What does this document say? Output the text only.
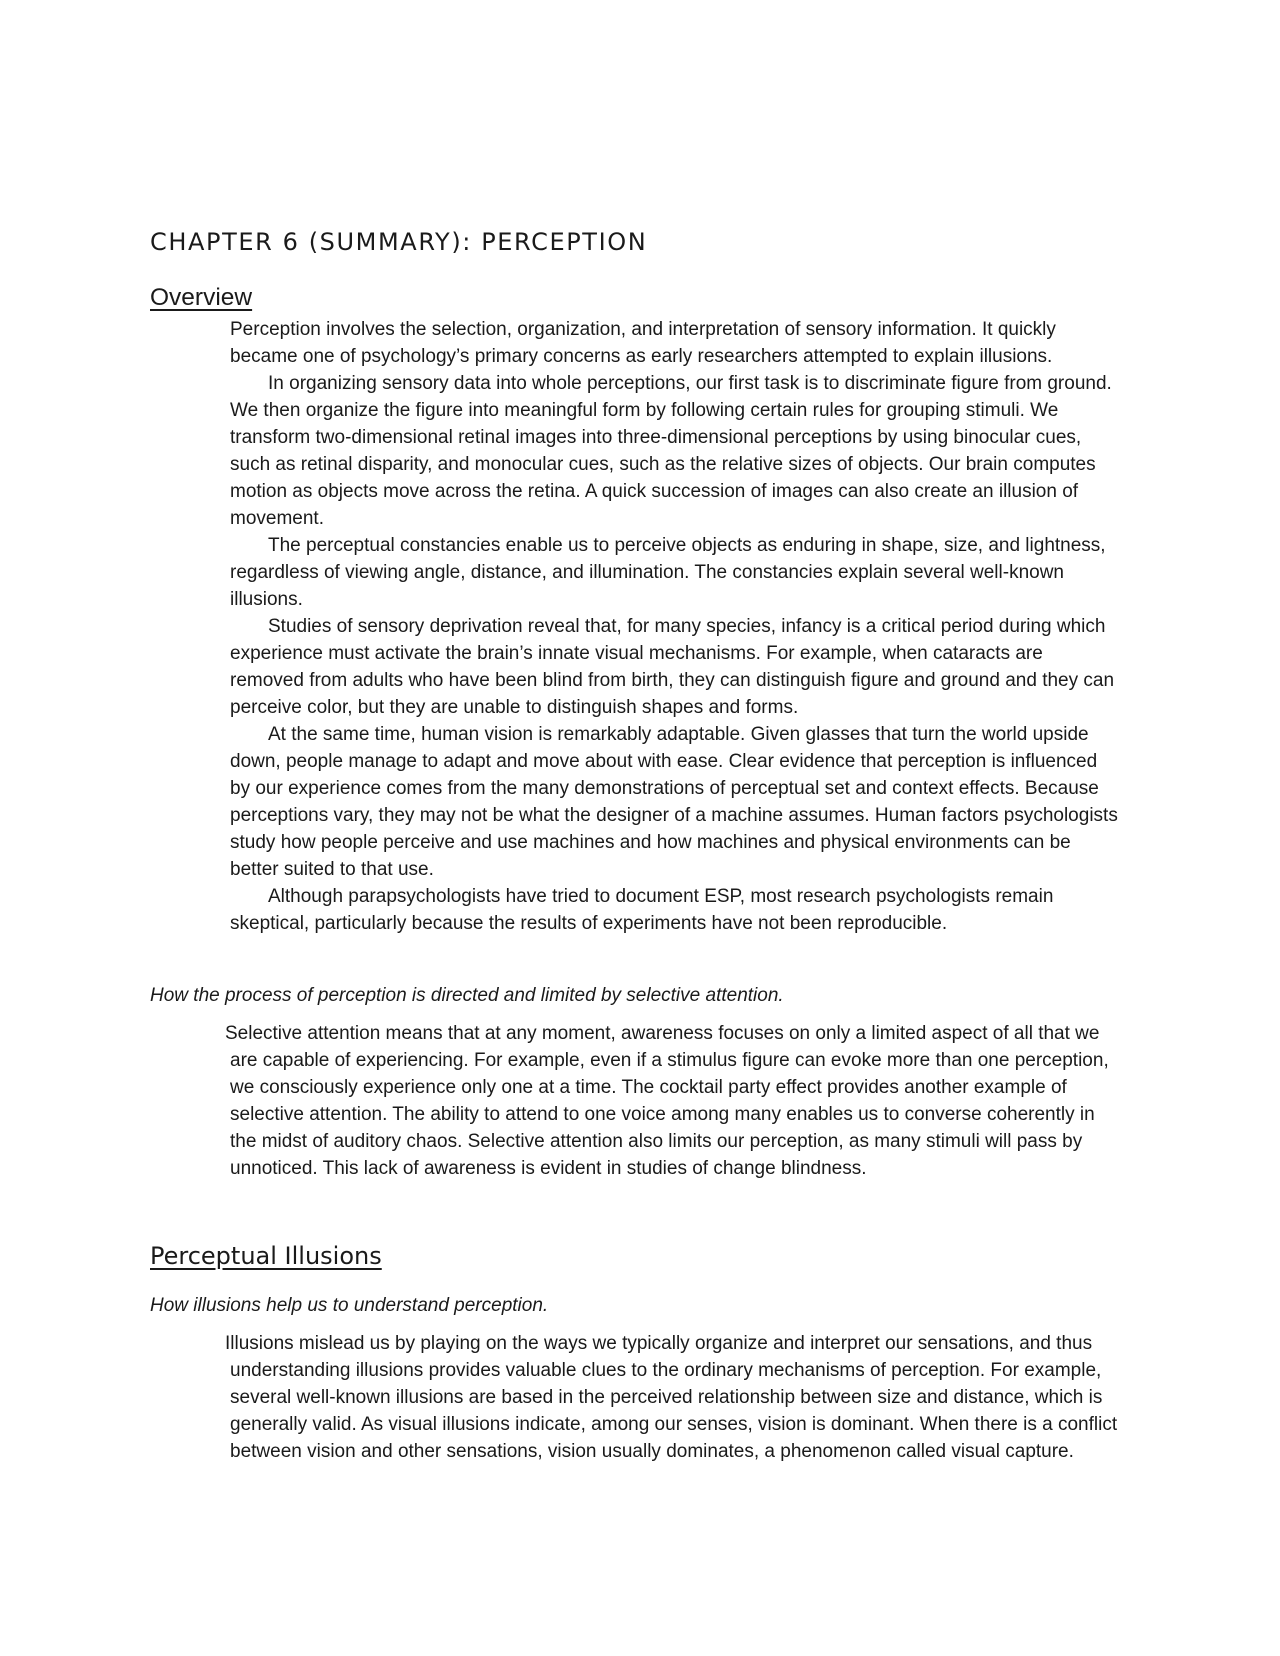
CHAPTER 6 (SUMMARY): PERCEPTION
Overview

Perception involves the selection, organization, and interpretation of sensory information. It quickly became one of psychology’s primary concerns as early researchers attempted to explain illusions.

In organizing sensory data into whole perceptions, our first task is to discriminate figure from ground. We then organize the figure into meaningful form by following certain rules for grouping stimuli. We transform two-dimensional retinal images into three-dimensional perceptions by using binocular cues, such as retinal disparity, and monocular cues, such as the relative sizes of objects. Our brain computes motion as objects move across the retina. A quick succession of images can also create an illusion of movement.

The perceptual constancies enable us to perceive objects as enduring in shape, size, and lightness, regardless of viewing angle, distance, and illumination. The constancies explain several well-known illusions.

Studies of sensory deprivation reveal that, for many species, infancy is a critical period during which experience must activate the brain’s innate visual mechanisms. For example, when cataracts are removed from adults who have been blind from birth, they can distinguish figure and ground and they can perceive color, but they are unable to distinguish shapes and forms.

At the same time, human vision is remarkably adaptable. Given glasses that turn the world upside down, people manage to adapt and move about with ease. Clear evidence that perception is influenced by our experience comes from the many demonstrations of perceptual set and context effects. Because perceptions vary, they may not be what the designer of a machine assumes. Human factors psychologists study how people perceive and use machines and how machines and physical environments can be better suited to that use.

Although parapsychologists have tried to document ESP, most research psychologists remain skeptical, particularly because the results of experiments have not been reproducible.

How the process of perception is directed and limited by selective attention.

Selective attention means that at any moment, awareness focuses on only a limited aspect of all that we are capable of experiencing. For example, even if a stimulus figure can evoke more than one perception, we consciously experience only one at a time. The cocktail party effect provides another example of selective attention. The ability to attend to one voice among many enables us to converse coherently in the midst of auditory chaos. Selective attention also limits our perception, as many stimuli will pass by unnoticed. This lack of awareness is evident in studies of change blindness.

Perceptual Illusions
How illusions help us to understand perception.

Illusions mislead us by playing on the ways we typically organize and interpret our sensations, and thus understanding illusions provides valuable clues to the ordinary mechanisms of perception. For example, several well-known illusions are based in the perceived relationship between size and distance, which is generally valid. As visual illusions indicate, among our senses, vision is dominant. When there is a conflict between vision and other sensations, vision usually dominates, a phenomenon called visual capture.
